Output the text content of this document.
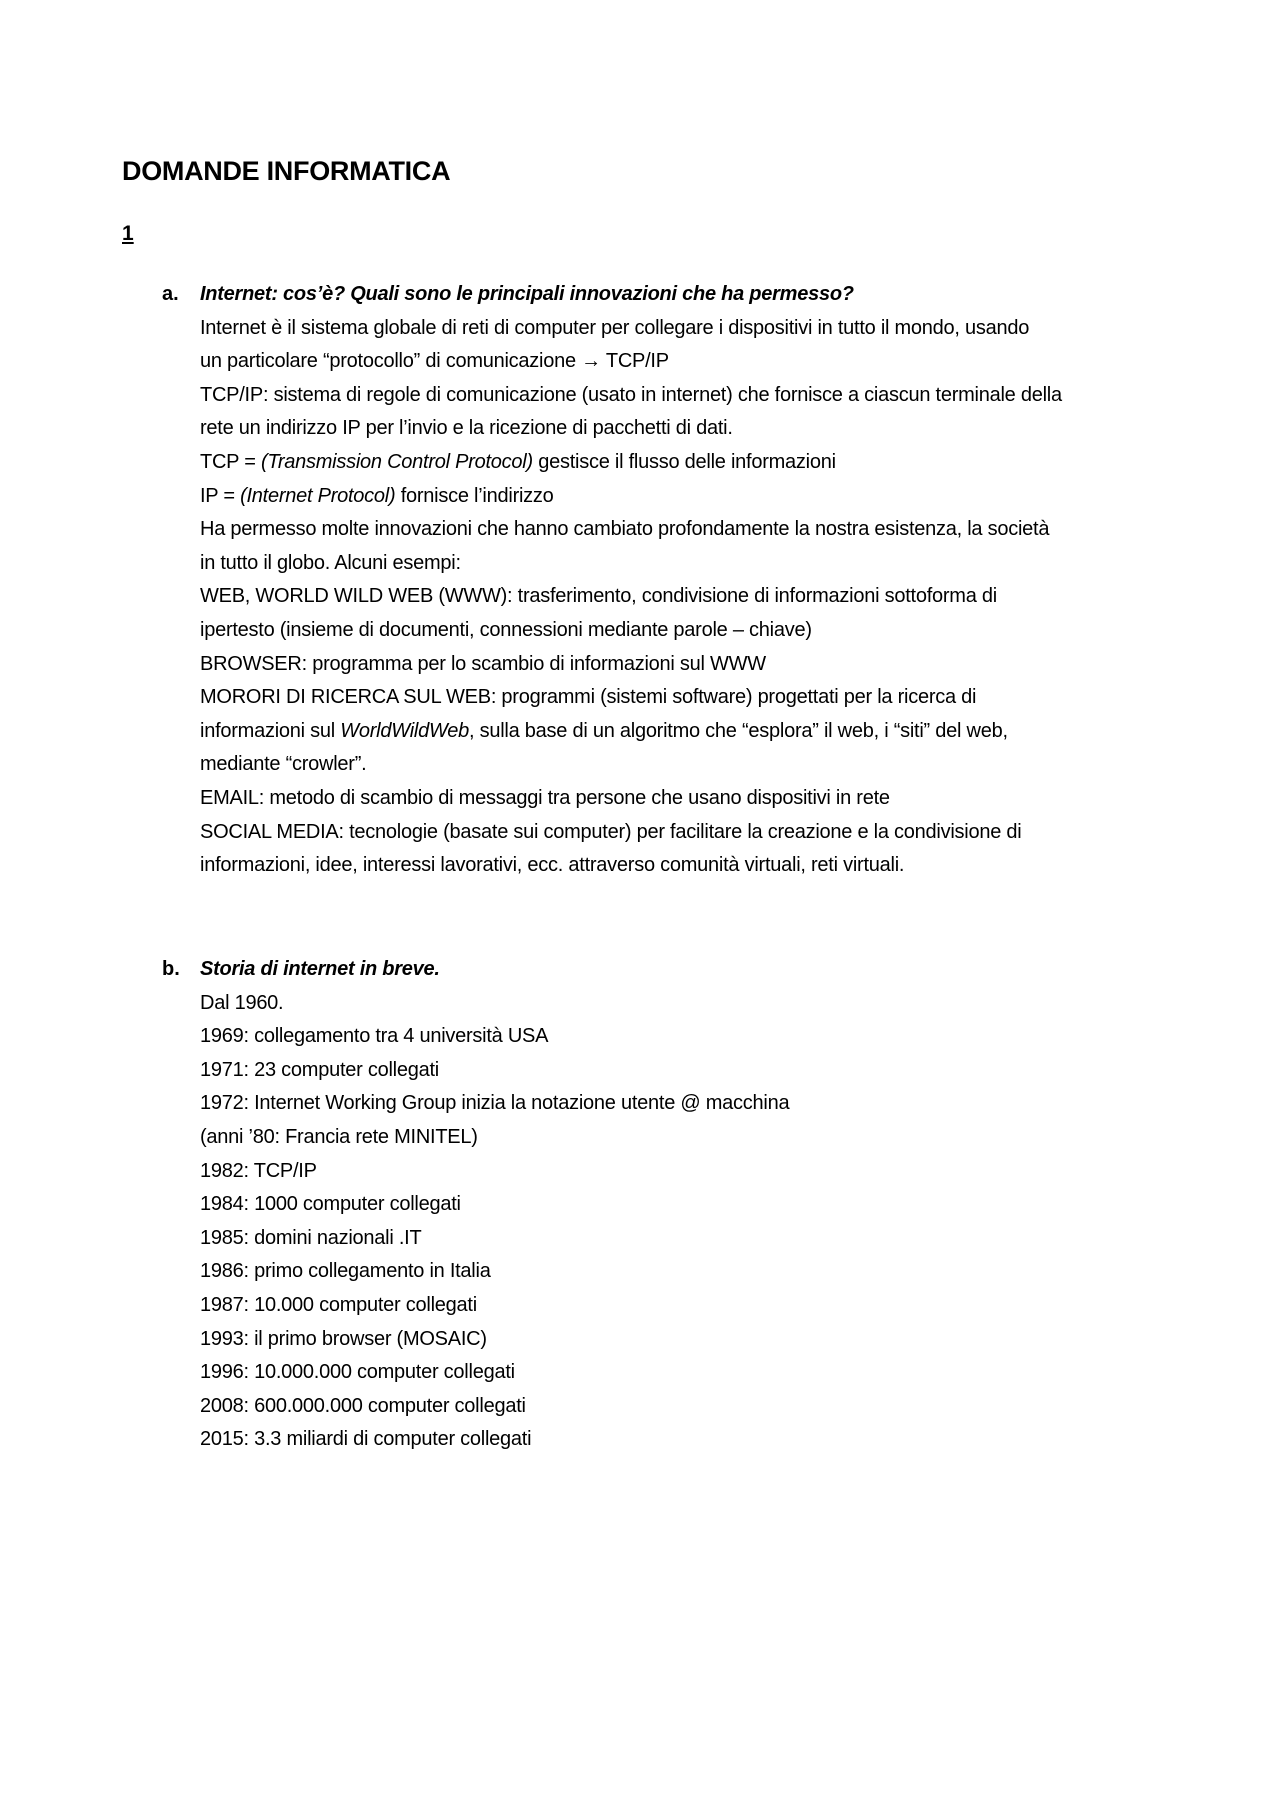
DOMANDE INFORMATICA
1
a. Internet: cos’è? Quali sono le principali innovazioni che ha permesso?
Internet è il sistema globale di reti di computer per collegare i dispositivi in tutto il mondo, usando
un particolare “protocollo” di comunicazione → TCP/IP
TCP/IP: sistema di regole di comunicazione (usato in internet) che fornisce a ciascun terminale della
rete un indirizzo IP per l’invio e la ricezione di pacchetti di dati.
TCP = (Transmission Control Protocol) gestisce il flusso delle informazioni
IP = (Internet Protocol) fornisce l’indirizzo
Ha permesso molte innovazioni che hanno cambiato profondamente la nostra esistenza, la società
in tutto il globo. Alcuni esempi:
WEB, WORLD WILD WEB (WWW): trasferimento, condivisione di informazioni sottoforma di
ipertesto (insieme di documenti, connessioni mediante parole – chiave)
BROWSER: programma per lo scambio di informazioni sul WWW
MORORI DI RICERCA SUL WEB: programmi (sistemi software) progettati per la ricerca di
informazioni sul WorldWildWeb, sulla base di un algoritmo che “esplora” il web, i “siti” del web,
mediante “crowler”.
EMAIL: metodo di scambio di messaggi tra persone che usano dispositivi in rete
SOCIAL MEDIA: tecnologie (basate sui computer) per facilitare la creazione e la condivisione di
informazioni, idee, interessi lavorativi, ecc. attraverso comunità virtuali, reti virtuali.
b. Storia di internet in breve.
Dal 1960.
1969: collegamento tra 4 università USA
1971: 23 computer collegati
1972: Internet Working Group inizia la notazione utente @ macchina
(anni ’80: Francia rete MINITEL)
1982: TCP/IP
1984: 1000 computer collegati
1985: domini nazionali .IT
1986: primo collegamento in Italia
1987: 10.000 computer collegati
1993: il primo browser (MOSAIC)
1996: 10.000.000 computer collegati
2008: 600.000.000 computer collegati
2015: 3.3 miliardi di computer collegati
